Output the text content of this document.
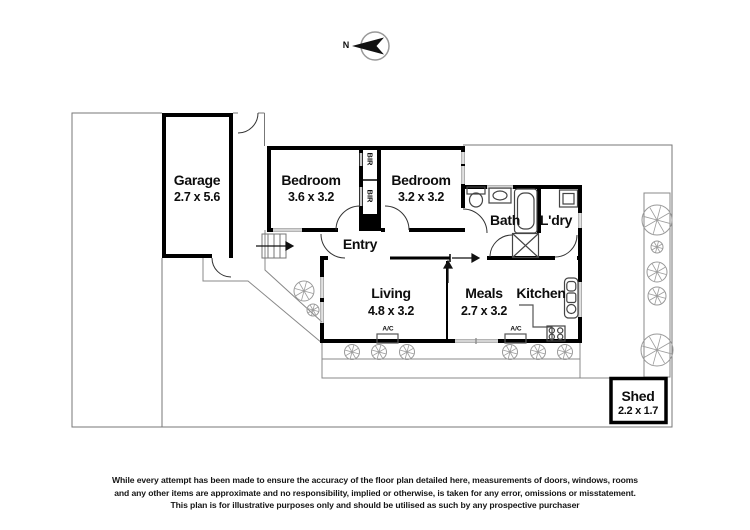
N
Garage
2.7 x 5.6
Bedroom
3.6 x 3.2
Bedroom
3.2 x 3.2
Bath L'dry
Entry
Living
4.8 x 3.2
Meals
2.7 x 3.2
Kitchen
Shed
2.2 x 1.7
BIR
BIR
A/C	A/C

While every attempt has been made to ensure the accuracy of the floor plan detailed here, measurements of doors, windows, rooms

and any other items are approximate and no responsibility, implied or otherwise, is taken for any error, omissions or misstatement.

This plan is for illustrative purposes only and should be utilised as such by any prospective purchaser
